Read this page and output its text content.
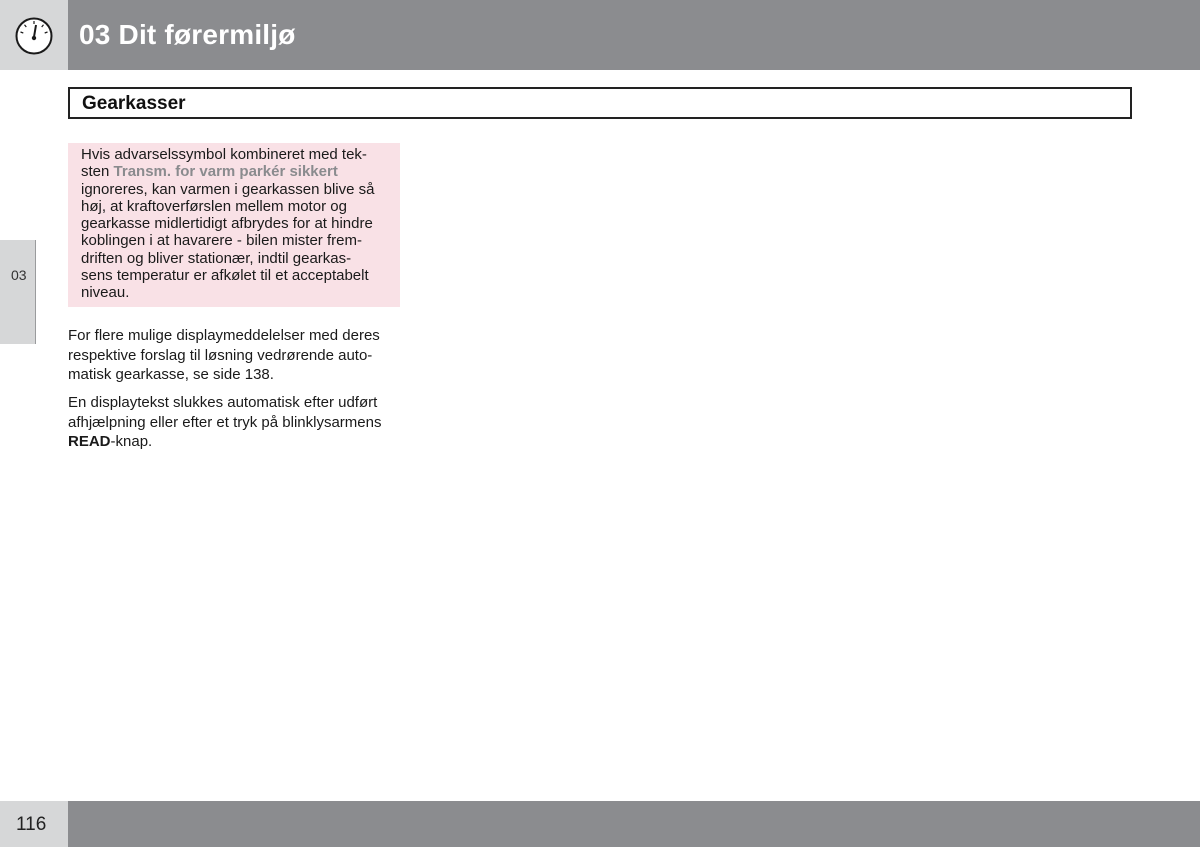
03 Dit førermiljø
Gearkasser
03
Hvis advarselssymbol kombineret med tek-
sten Transm. for varm parkér sikkert
ignoreres, kan varmen i gearkassen blive så
høj, at kraftoverførslen mellem motor og
gearkasse midlertidigt afbrydes for at hindre
koblingen i at havarere - bilen mister frem-
driften og bliver stationær, indtil gearkas-
sens temperatur er afkølet til et acceptabelt
niveau.
For flere mulige displaymeddelelser med deres
respektive forslag til løsning vedrørende auto-
matisk gearkasse, se side 138.
En displaytekst slukkes automatisk efter udført
afhjælpning eller efter et tryk på blinklysarmens
READ-knap.
116
